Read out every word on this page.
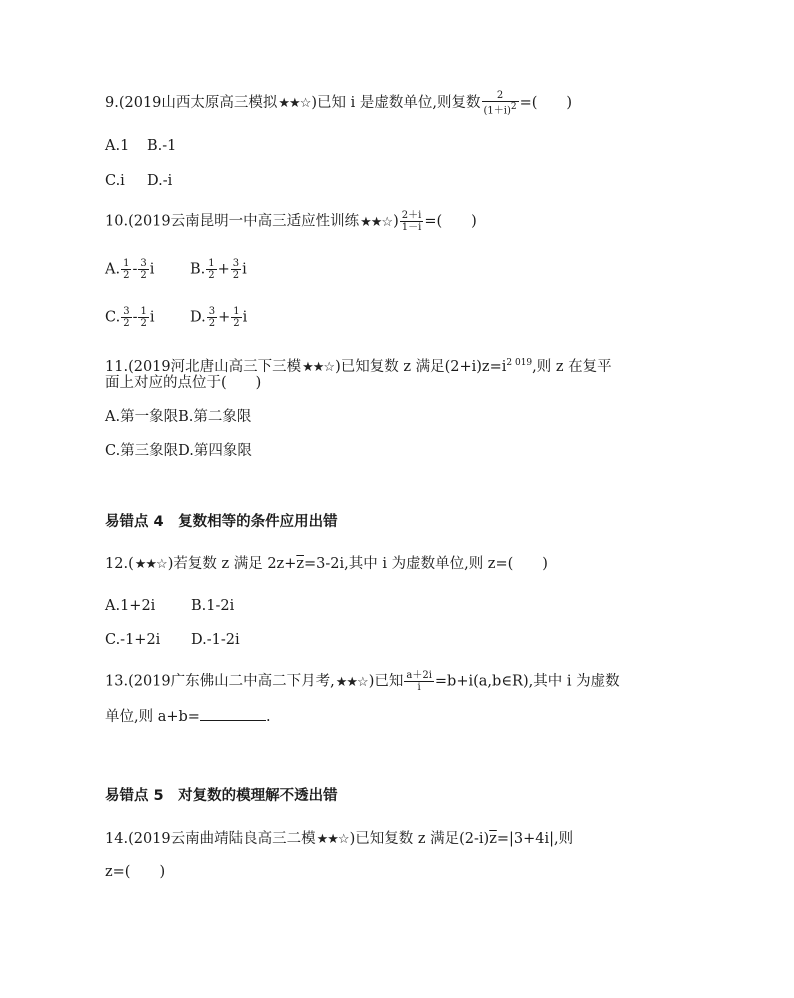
9.(2019山西太原高三模拟★★☆)已知 i 是虚数单位,则复数 $\frac{2}{(1+i)2}$ =(　　)
A.1 B.-1
C.i D.-i
10.(2019云南昆明一中高三适应性训练★★☆) $\frac{2+i}{1-i}$ =(　　)
A. $\frac{1}{2} - \frac{3}{2}$ i B. $\frac{1}{2} + \frac{3}{2}$ i
C. $\frac{3}{2} - \frac{1}{2}$ i D. $\frac{3}{2} + \frac{1}{2}$ i
11.(2019河北唐山高三下三模★★☆)已知复数 z 满足$(2+i)z=i^{2 019}$,则 z 在复平
面上对应的点位于(　　)
A.第一象限B.第二象限
C.第三象限D.第四象限
易错点 4　复数相等的条件应用出错
12.(★★☆)若复数 z 满足 $2z+\overline{z}=3-2i$,其中 i 为虚数单位,则 z=(　　)
A.1+2i B.1-2i
C.-1+2i D.-1-2i
13.(2019广东佛山二中高二下月考,★★☆)已知 $\frac{a+2i}{i}$ =b+i(a,b∈R),其中 i 为虚数
单位,则 a+b=	.
易错点 5　对复数的模理解不透出错
14.(2019云南曲靖陆良高三二模★★☆)已知复数 z 满足$(2-i)\overline{z}=|3+4i|$,则
z=(　　)
